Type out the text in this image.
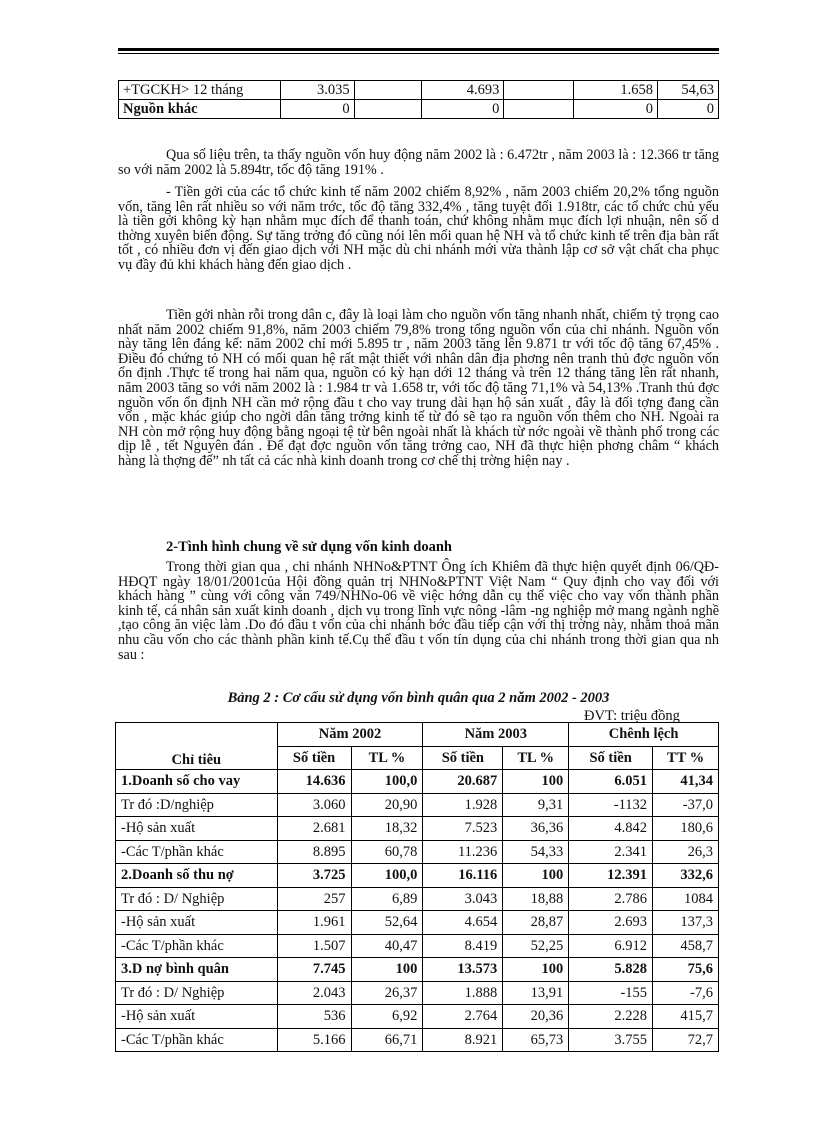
+TGCKH> 12 tháng	3.035		4.693		1.658	54,63
Nguồn khác	0		0		0	0

Qua số liệu trên, ta thấy nguồn vốn huy động năm 2002 là : 6.472tr , năm 2003 là : 12.366 tr tăng so với năm 2002 là 5.894tr, tốc độ tăng 191% .

- Tiền gởi của các tổ chức kinh tế năm 2002 chiếm 8,92% , năm 2003 chiếm 20,2% tổng nguồn vốn, tăng lên rất nhiều so với năm trớc, tốc độ tăng 332,4% , tăng tuyệt đối 1.918tr, các tổ chức chủ yếu là tiền gởi không kỳ hạn nhằm mục đích để thanh toán, chứ không nhằm mục đích lợi nhuận, nên số d thờng xuyên biến động. Sự tăng trởng đó cũng nói lên mối quan hệ NH và tổ chức kinh tế trên địa bàn rất tốt , có nhiều đơn vị đến giao dịch với NH mặc dù chi nhánh mới vừa thành lập cơ sở vật chất cha phục vụ đầy đủ khi khách hàng đến giao dịch .

Tiền gởi nhàn rỗi trong dân c, đây là loại làm cho nguồn vốn tăng nhanh nhất, chiếm tỷ trọng cao nhất năm 2002 chiếm 91,8%, năm 2003 chiếm 79,8% trong tổng nguồn vốn của chi nhánh. Nguồn vốn này tăng lên đáng kể: năm 2002 chỉ mới 5.895 tr , năm 2003 tăng lên 9.871 tr với tốc độ tăng 67,45% . Điều đó chứng tỏ NH có mối quan hệ rất mật thiết với nhân dân địa phơng nên tranh thủ đợc nguồn vốn ổn định .Thực tế trong hai năm qua, nguồn có kỳ hạn dới 12 tháng và trên 12 tháng tăng lên rất nhanh, năm 2003 tăng so với năm 2002 là : 1.984 tr và 1.658 tr, với tốc độ tăng 71,1% và 54,13% .Tranh thủ đợc nguồn vốn ổn định NH cần mở rộng đầu t cho vay trung dài hạn hộ sản xuất , đây là đối tợng đang cần vốn , mặc khác giúp cho ngời dân tăng trởng kinh tế từ đó sẽ tạo ra nguồn vốn thêm cho NH. Ngoài ra NH còn mở rộng huy động bằng ngoại tệ từ bên ngoài nhất là khách từ nớc ngoài về thành phố trong các dịp lễ , tết Nguyên đán . Để đạt đợc nguồn vốn tăng trởng cao, NH đã thực hiện phơng châm “ khách hàng là thợng đế” nh tất cả các nhà kinh doanh trong cơ chế thị trờng hiện nay .

2-Tình hình chung về sử dụng vốn kinh doanh

Trong thời gian qua , chi nhánh NHNo&PTNT Ông ích Khiêm đã thực hiện quyết định 06/QĐ-HĐQT ngày 18/01/2001của Hội đồng quản trị NHNo&PTNT Việt Nam “ Quy định cho vay đối với khách hàng ” cùng với công văn 749/NHNo-06 về việc hớng dẫn cụ thể việc cho vay vốn thành phần kinh tế, cá nhân sản xuất kinh doanh , dịch vụ trong lĩnh vực nông -lâm -ng nghiệp mở mang ngành nghề ,tạo công ăn việc làm .Do đó đầu t vốn của chi nhánh bớc đầu tiếp cận với thị trờng này, nhằm thoả mãn nhu cầu vốn cho các thành phần kinh tế.Cụ thể đầu t vốn tín dụng của chi nhánh trong thời gian qua nh sau :

Bảng 2 : Cơ cấu sử dụng vốn bình quân qua 2 năm 2002 - 2003
ĐVT: triệu đồng
Chỉ tiêu	Năm 2002		Năm 2003		Chênh lệch	
	Số tiền	TL %	Số tiền	TL %	Số tiền	TT %
1.Doanh số cho vay	14.636	100,0	20.687	100	6.051	41,34
Tr đó :D/nghiệp	3.060	20,90	1.928	9,31	-1132	-37,0
-Hộ sản xuất	2.681	18,32	7.523	36,36	4.842	180,6
-Các T/phần khác	8.895	60,78	11.236	54,33	2.341	26,3
2.Doanh số thu nợ	3.725	100,0	16.116	100	12.391	332,6
Tr đó : D/ Nghiệp	257	6,89	3.043	18,88	2.786	1084
-Hộ sản xuất	1.961	52,64	4.654	28,87	2.693	137,3
-Các T/phần khác	1.507	40,47	8.419	52,25	6.912	458,7
3.D nợ bình quân	7.745	100	13.573	100	5.828	75,6
Tr đó : D/ Nghiệp	2.043	26,37	1.888	13,91	-155	-7,6
-Hộ sản xuất	536	6,92	2.764	20,36	2.228	415,7
-Các T/phần khác	5.166	66,71	8.921	65,73	3.755	72,7
